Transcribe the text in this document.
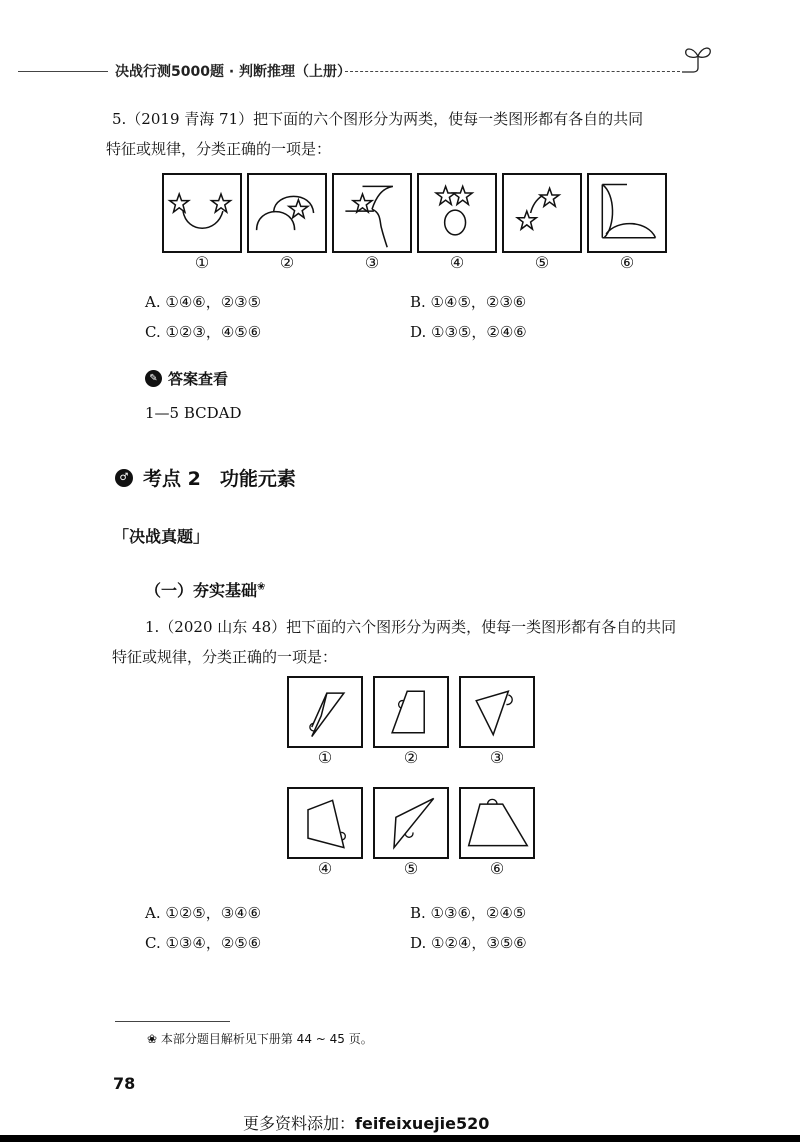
决战行测5000题 · 判断推理（上册）
5.（2019 青海 71）把下面的六个图形分为两类，使每一类图形都有各自的共同
特征或规律，分类正确的一项是：
①	②	③	④	⑤	⑥
A. ①④⑥，②③⑤	B. ①④⑤，②③⑥
C. ①②③，④⑤⑥	D. ①③⑤，②④⑥
✎ 答案查看
1—5 BCDAD
♂ 考点 2　功能元素
「决战真题」
（一）夯实基础❀
1.（2020 山东 48）把下面的六个图形分为两类，使每一类图形都有各自的共同
特征或规律，分类正确的一项是：
①	②	③
④	⑤	⑥
A. ①②⑤，③④⑥	B. ①③⑥，②④⑤
C. ①③④，②⑤⑥	D. ①②④，③⑤⑥
❀ 本部分题目解析见下册第 44 ~ 45 页。
78
更多资料添加：feifeixuejie520
